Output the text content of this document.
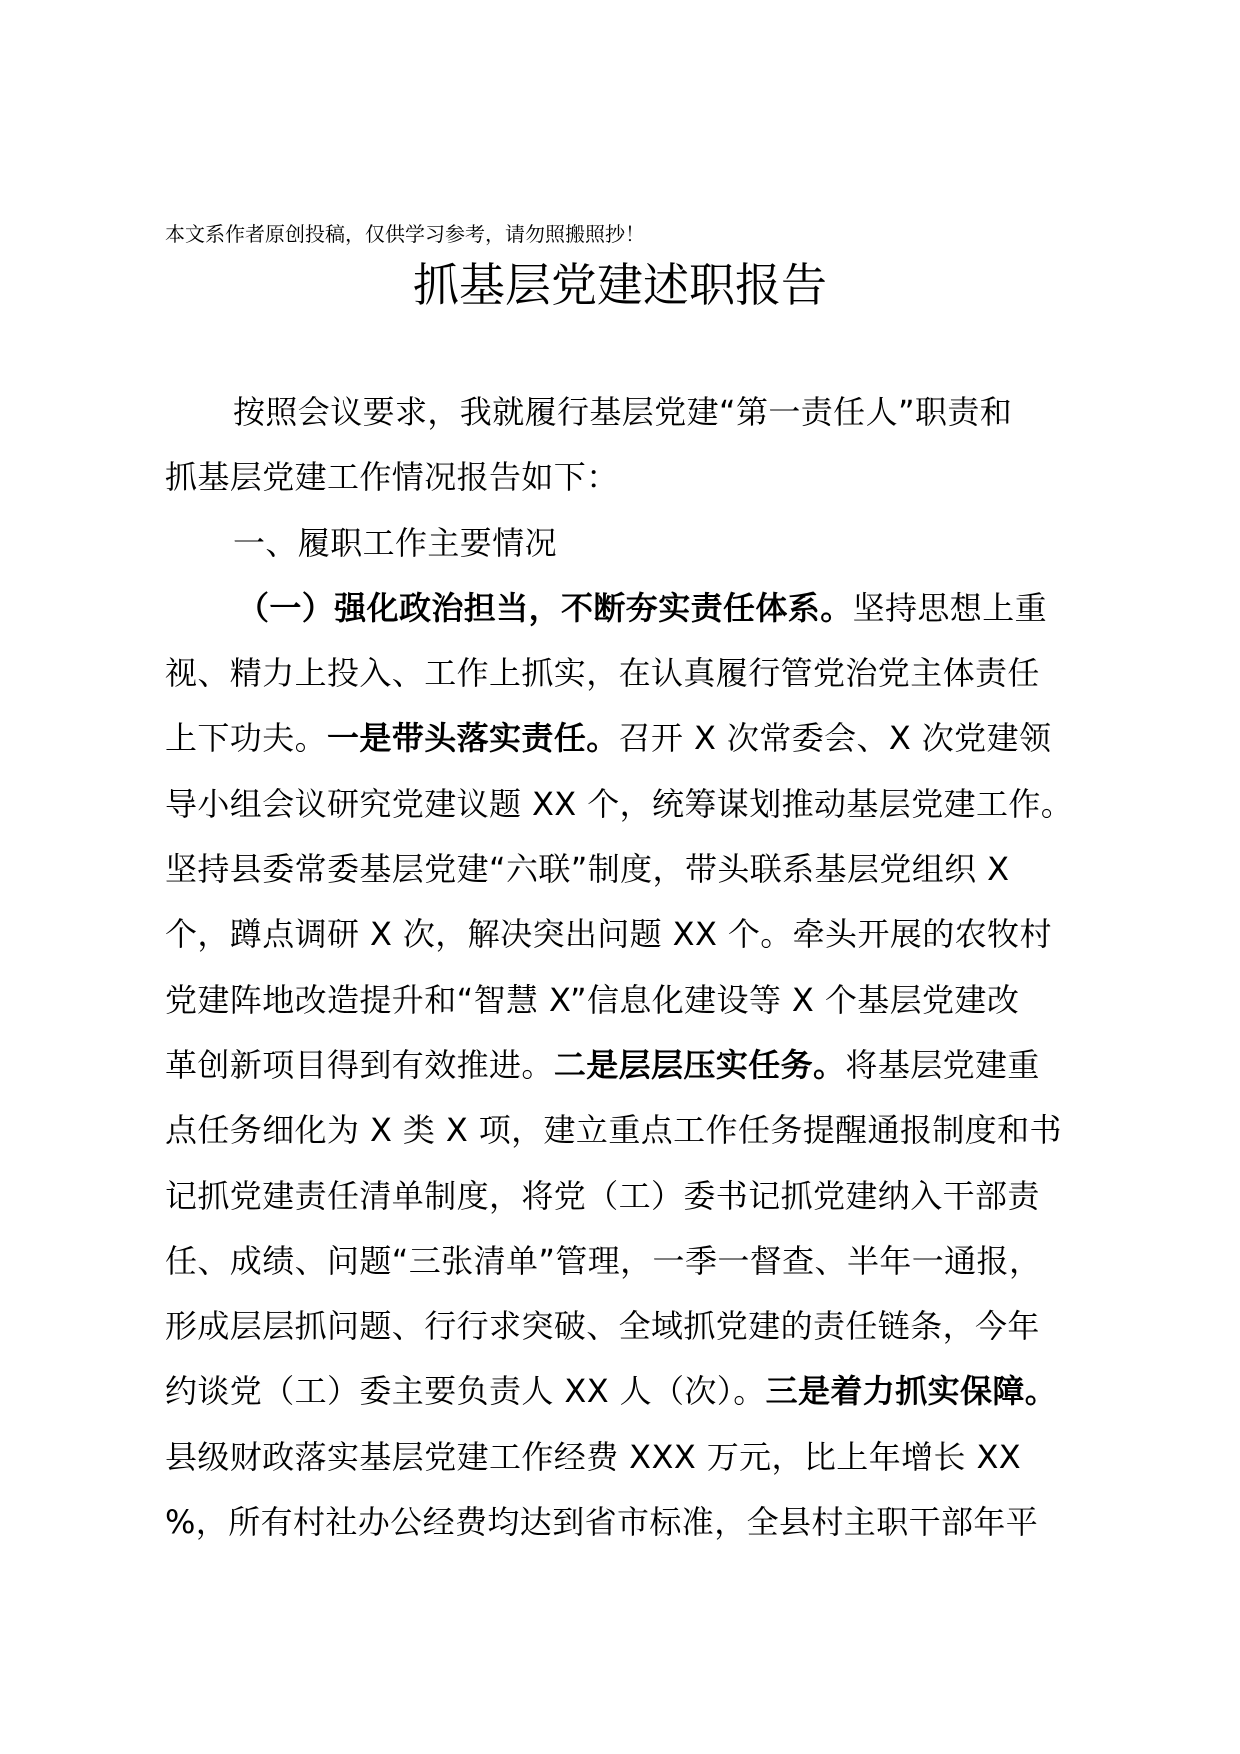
本文系作者原创投稿，仅供学习参考，请勿照搬照抄！
抓基层党建述职报告
按照会议要求，我就履行基层党建“第一责任人”职责和
抓基层党建工作情况报告如下：
一、履职工作主要情况
（一）强化政治担当，不断夯实责任体系。坚持思想上重
视、精力上投入、工作上抓实，在认真履行管党治党主体责任
上下功夫。一是带头落实责任。召开 X 次常委会、X 次党建领
导小组会议研究党建议题 XX 个，统筹谋划推动基层党建工作。
坚持县委常委基层党建“六联”制度，带头联系基层党组织 X
个，蹲点调研 X 次，解决突出问题 XX 个。牵头开展的农牧村
党建阵地改造提升和“智慧 X”信息化建设等 X 个基层党建改
革创新项目得到有效推进。二是层层压实任务。将基层党建重
点任务细化为 X 类 X 项，建立重点工作任务提醒通报制度和书
记抓党建责任清单制度，将党（工）委书记抓党建纳入干部责
任、成绩、问题“三张清单”管理，一季一督查、半年一通报，
形成层层抓问题、行行求突破、全域抓党建的责任链条，今年
约谈党（工）委主要负责人 XX 人（次）。三是着力抓实保障。
县级财政落实基层党建工作经费 XXX 万元，比上年增长 XX
%，所有村社办公经费均达到省市标准，全县村主职干部年平
